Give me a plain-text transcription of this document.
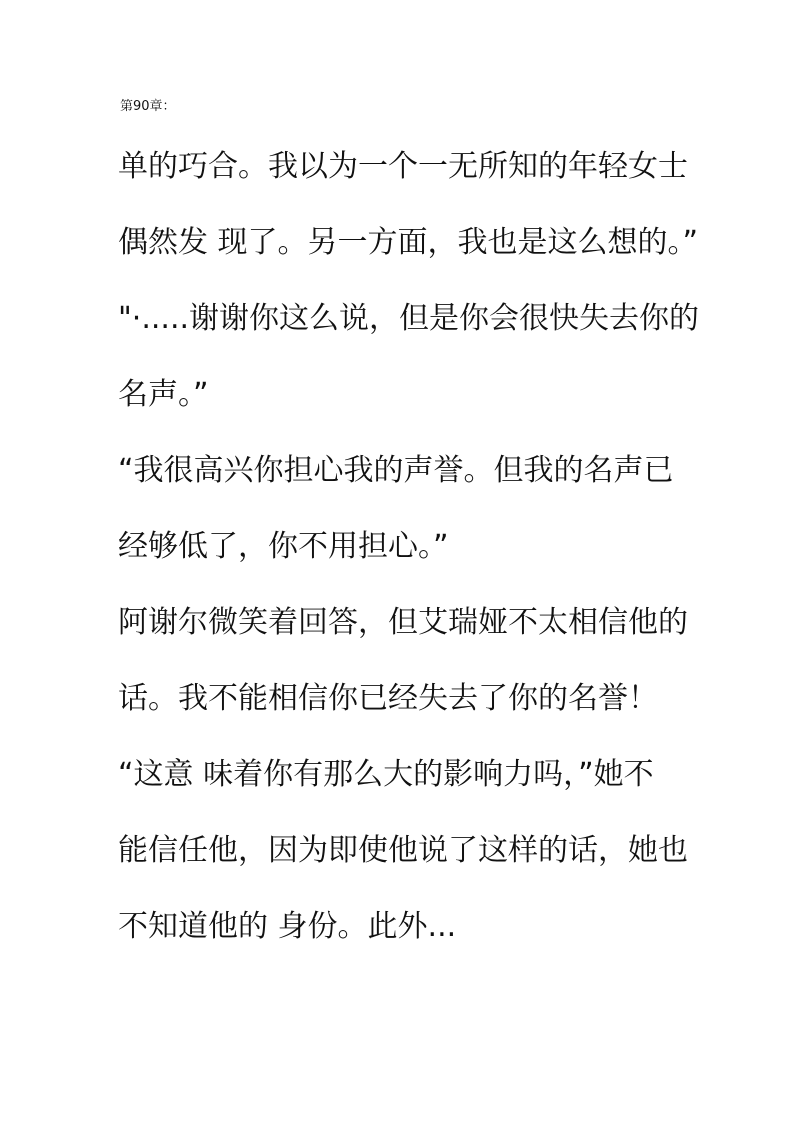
第90章：
单的巧合。我以为一个一无所知的年轻女士
偶然发 现了。另一方面，我也是这么想的。”
"·.....谢谢你这么说，但是你会很快失去你的
名声。”
“我很高兴你担心我的声誉。但我的名声已
经够低了，你不用担心。”
阿谢尔微笑着回答，但艾瑞娅不太相信他的
话。我不能相信你已经失去了你的名誉！
“这意 味着你有那么大的影响力吗，”她不
能信任他，因为即使他说了这样的话，她也
不知道他的 身份。此外...
